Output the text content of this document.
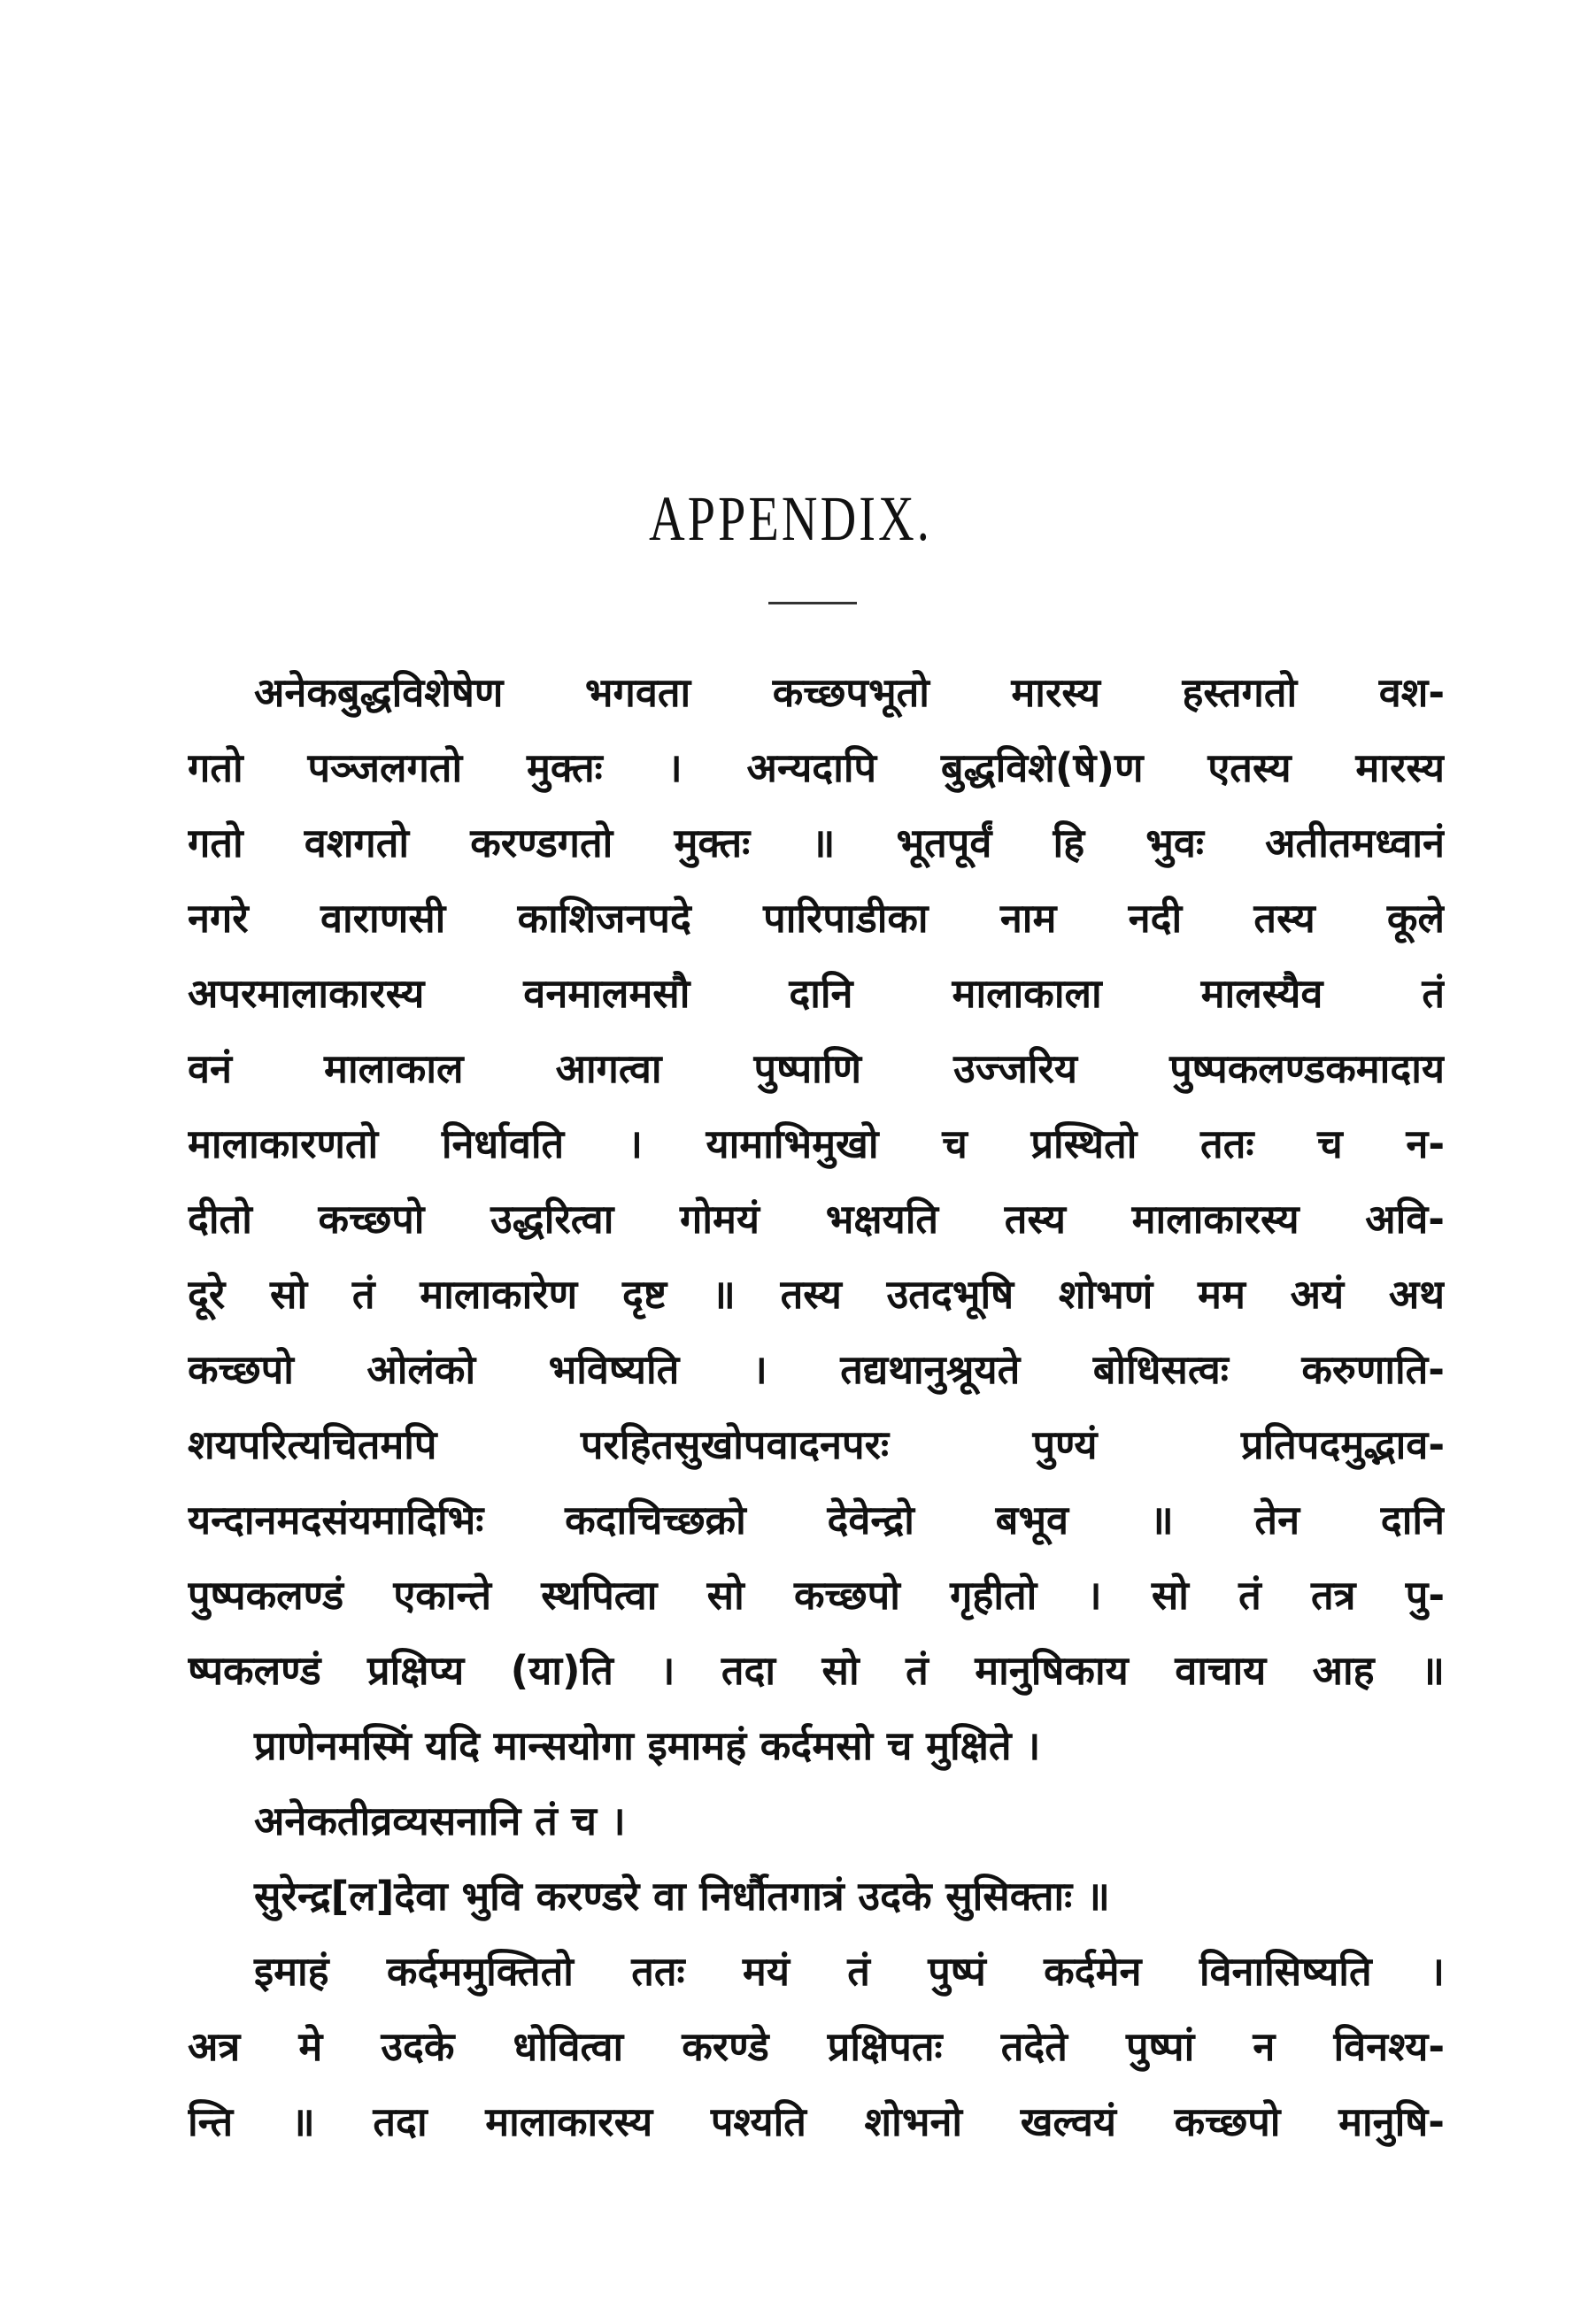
APPENDIX.
अनेकबुद्धविशेषेण भगवता कच्छपभूतो मारस्य हस्तगतो वश-
गतो पञ्जलगतो मुक्तः । अन्यदापि बुद्धविशे(षे)ण एतस्य मारस्य
गतो वशगतो करण्डगतो मुक्तः ॥ भूतपूर्वं हि भुवः अतीतमध्वानं
नगरे वाराणसी काशिजनपदे पारिपाडीका नाम नदी तस्य कूले
अपरमालाकारस्य वनमालमसौ दानि मालाकाला मालस्यैव तं
वनं मालाकाल आगत्वा पुष्पाणि उज्जरिय पुष्पकलण्डकमादाय
मालाकारणतो निर्धावति । यामाभिमुखो च प्रस्थितो ततः च न-
दीतो कच्छपो उद्धरित्वा गोमयं भक्षयति तस्य मालाकारस्य अवि-
दूरे सो तं मालाकारेण दृष्ट ॥ तस्य उतदभूषि शोभणं मम अयं अथ
कच्छपो ओलंको भविष्यति । तद्यथानुश्रूयते बोधिसत्वः करुणाति-
शयपरित्यचितमपि परहितसुखोपवादनपरः पुण्यं प्रतिपदमुद्भाव-
यन्दानमदसंयमादिभिः कदाचिच्छक्रो देवेन्द्रो बभूव ॥ तेन दानि
पुष्पकलण्डं एकान्ते स्थपित्वा सो कच्छपो गृहीतो । सो तं तत्र पु-
ष्पकलण्डं प्रक्षिप्य (या)ति । तदा सो तं मानुषिकाय वाचाय आह ॥
प्राणेनमस्मिं यदि मान्सयोगा इमामहं कर्दमसो च मुक्षिते ।
अनेकतीव्रव्यसनानि तं च ।
सुरेन्द्र[ल]देवा भुवि करण्डरे वा निर्धौतगात्रं उदके सुसिक्ताः ॥
इमाहं कर्दममुक्तितो ततः मयं तं पुष्पं कर्दमेन विनासिष्यति ।
अत्र मे उदके धोवित्वा करण्डे प्रक्षिपतः तदेते पुष्पां न विनश्य-
न्ति ॥ तदा मालाकारस्य पश्यति शोभनो खल्वयं कच्छपो मानुषि-
